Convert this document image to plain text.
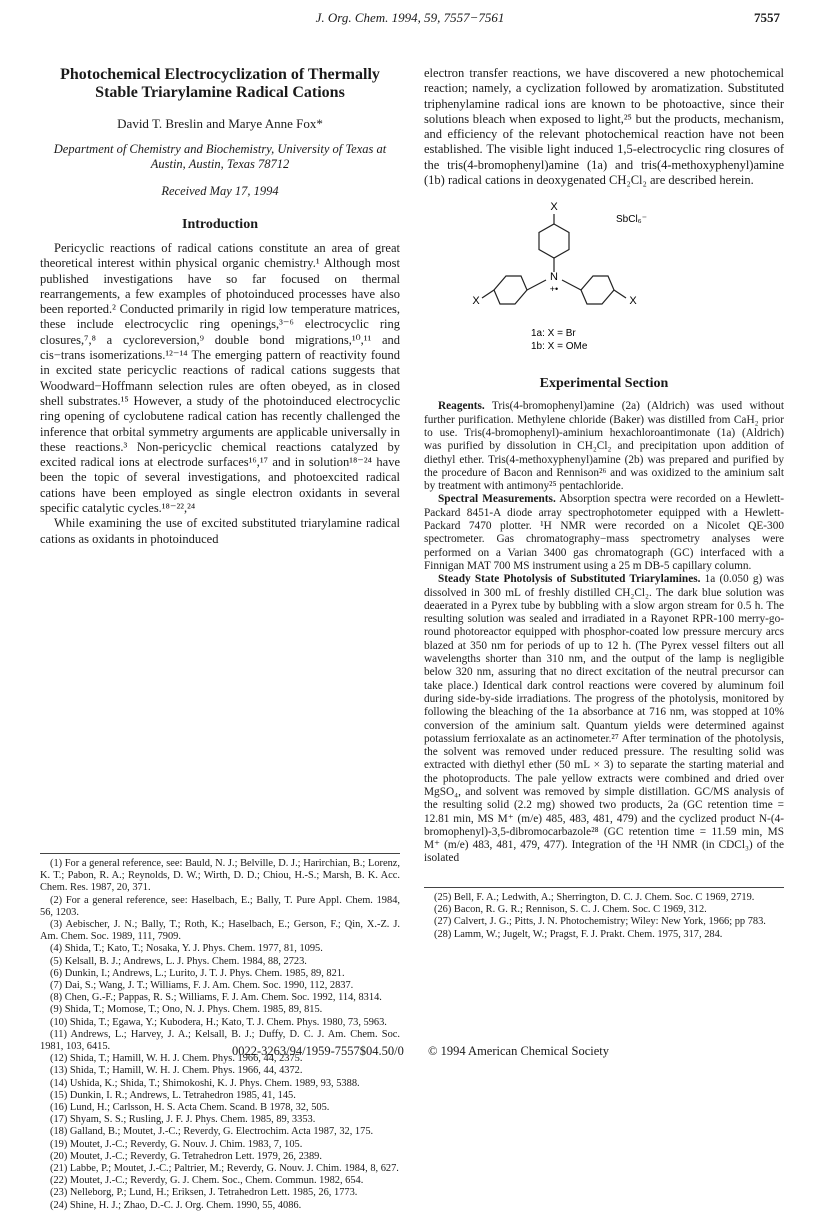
J. Org. Chem. 1994, 59, 7557−7561	7557
Photochemical Electrocyclization of Thermally Stable Triarylamine Radical Cations
David T. Breslin and Marye Anne Fox*
Department of Chemistry and Biochemistry, University of Texas at Austin, Austin, Texas 78712
Received May 17, 1994
Introduction

Pericyclic reactions of radical cations constitute an area of great theoretical interest within physical organic chemistry.¹ Although most published investigations have so far focused on thermal rearrangements, a few examples of photoinduced processes have also been reported.² Conducted primarily in rigid low temperature matrices, these include electrocyclic ring openings,³⁻⁶ electrocyclic ring closures,⁷,⁸ a cycloreversion,⁹ double bond migrations,¹⁰,¹¹ and cis−trans isomerizations.¹²⁻¹⁴ The emerging pattern of reactivity found in excited state pericyclic reactions of radical cations suggests that Woodward−Hoffmann selection rules are often obeyed, as in closed shell substrates.¹⁵ However, a study of the photoinduced electrocyclic ring opening of cyclobutene radical cation has recently challenged the inference that orbital symmetry arguments are applicable universally in these reactions.³ Non-pericyclic chemical reactions catalyzed by excited radical ions at electrode surfaces¹⁶,¹⁷ and in solution¹⁸⁻²⁴ have been the topic of several investigations, and photoexcited radical cations have been employed as single electron oxidants in several specific catalytic cycles.¹⁸⁻²²,²⁴

While examining the use of excited substituted triarylamine radical cations as oxidants in photoinduced

(1) For a general reference, see: Bauld, N. J.; Belville, D. J.; Harirchian, B.; Lorenz, K. T.; Pabon, R. A.; Reynolds, D. W.; Wirth, D. D.; Chiou, H.-S.; Marsh, B. K. Acc. Chem. Res. 1987, 20, 371.

(2) For a general reference, see: Haselbach, E.; Bally, T. Pure Appl. Chem. 1984, 56, 1203.

(3) Aebischer, J. N.; Bally, T.; Roth, K.; Haselbach, E.; Gerson, F.; Qin, X.-Z. J. Am. Chem. Soc. 1989, 111, 7909.

(4) Shida, T.; Kato, T.; Nosaka, Y. J. Phys. Chem. 1977, 81, 1095.

(5) Kelsall, B. J.; Andrews, L. J. Phys. Chem. 1984, 88, 2723.

(6) Dunkin, I.; Andrews, L.; Lurito, J. T. J. Phys. Chem. 1985, 89, 821.

(7) Dai, S.; Wang, J. T.; Williams, F. J. Am. Chem. Soc. 1990, 112, 2837.

(8) Chen, G.-F.; Pappas, R. S.; Williams, F. J. Am. Chem. Soc. 1992, 114, 8314.

(9) Shida, T.; Momose, T.; Ono, N. J. Phys. Chem. 1985, 89, 815.

(10) Shida, T.; Egawa, Y.; Kubodera, H.; Kato, T. J. Chem. Phys. 1980, 73, 5963.

(11) Andrews, L.; Harvey, J. A.; Kelsall, B. J.; Duffy, D. C. J. Am. Chem. Soc. 1981, 103, 6415.

(12) Shida, T.; Hamill, W. H. J. Chem. Phys. 1966, 44, 2375.

(13) Shida, T.; Hamill, W. H. J. Chem. Phys. 1966, 44, 4372.

(14) Ushida, K.; Shida, T.; Shimokoshi, K. J. Phys. Chem. 1989, 93, 5388.

(15) Dunkin, I. R.; Andrews, L. Tetrahedron 1985, 41, 145.

(16) Lund, H.; Carlsson, H. S. Acta Chem. Scand. B 1978, 32, 505.

(17) Shyam, S. S.; Rusling, J. F. J. Phys. Chem. 1985, 89, 3353.

(18) Galland, B.; Moutet, J.-C.; Reverdy, G. Electrochim. Acta 1987, 32, 175.

(19) Moutet, J.-C.; Reverdy, G. Nouv. J. Chim. 1983, 7, 105.

(20) Moutet, J.-C.; Reverdy, G. Tetrahedron Lett. 1979, 26, 2389.

(21) Labbe, P.; Moutet, J.-C.; Paltrier, M.; Reverdy, G. Nouv. J. Chim. 1984, 8, 627.

(22) Moutet, J.-C.; Reverdy, G. J. Chem. Soc., Chem. Commun. 1982, 654.

(23) Nelleborg, P.; Lund, H.; Eriksen, J. Tetrahedron Lett. 1985, 26, 1773.

(24) Shine, H. J.; Zhao, D.-C. J. Org. Chem. 1990, 55, 4086.

electron transfer reactions, we have discovered a new photochemical reaction; namely, a cyclization followed by aromatization. Substituted triphenylamine radical ions are known to be photoactive, since their solutions bleach when exposed to light,²⁵ but the products, mechanism, and efficiency of the relevant photochemical reaction have not been established. The visible light induced 1,5-electrocyclic ring closures of the tris(4-bromophenyl)amine (1a) and tris(4-methoxyphenyl)amine (1b) radical cations in deoxygenated CH₂Cl₂ are described herein.

X
N
+•
X	X
SbCl₆⁻
1a: X = Br
1b: X = OMe
Experimental Section

Reagents. Tris(4-bromophenyl)amine (2a) (Aldrich) was used without further purification. Methylene chloride (Baker) was distilled from CaH₂ prior to use. Tris(4-bromophenyl)-aminium hexachloroantimonate (1a) (Aldrich) was purified by dissolution in CH₂Cl₂ and precipitation upon addition of diethyl ether. Tris(4-methoxyphenyl)amine (2b) was prepared and purified by the procedure of Bacon and Rennison²⁶ and was oxidized to the aminium salt by treatment with antimony²⁵ pentachloride.

Spectral Measurements. Absorption spectra were recorded on a Hewlett-Packard 8451-A diode array spectrophotometer equipped with a Hewlett-Packard 7470 plotter. ¹H NMR were recorded on a Nicolet QE-300 spectrometer. Gas chromatography−mass spectrometry analyses were performed on a Varian 3400 gas chromatograph (GC) interfaced with a Finnigan MAT 700 MS instrument using a 25 m DB-5 capillary column.

Steady State Photolysis of Substituted Triarylamines. 1a (0.050 g) was dissolved in 300 mL of freshly distilled CH₂Cl₂. The dark blue solution was deaerated in a Pyrex tube by bubbling with a slow argon stream for 0.5 h. The resulting solution was sealed and irradiated in a Rayonet RPR-100 merry-go-round photoreactor equipped with phosphor-coated low pressure mercury arcs blazed at 350 nm for periods of up to 12 h. (The Pyrex vessel filters out all wavelengths shorter than 310 nm, and the output of the lamp is negligible below 320 nm, assuring that no direct excitation of the neutral precursor can take place.) Identical dark control reactions were covered by aluminum foil during side-by-side irradiations. The progress of the photolysis, monitored by following the bleaching of the 1a absorbance at 716 nm, was stopped at 10% conversion of the aminium salt. Quantum yields were determined against potassium ferrioxalate as an actinometer.²⁷ After termination of the photolysis, the solvent was removed under reduced pressure. The resulting solid was extracted with diethyl ether (50 mL × 3) to separate the starting material and the photoproducts. The pale yellow extracts were combined and dried over MgSO₄, and solvent was removed by simple distillation. GC/MS analysis of the resulting solid (2.2 mg) showed two products, 2a (GC retention time = 12.81 min, MS M⁺ (m/e) 485, 483, 481, 479) and the cyclized product N-(4-bromophenyl)-3,5-dibromocarbazole²⁸ (GC retention time = 11.59 min, MS M⁺ (m/e) 483, 481, 479, 477). Integration of the ¹H NMR (in CDCl₃) of the isolated

(25) Bell, F. A.; Ledwith, A.; Sherrington, D. C. J. Chem. Soc. C 1969, 2719.

(26) Bacon, R. G. R.; Rennison, S. C. J. Chem. Soc. C 1969, 312.

(27) Calvert, J. G.; Pitts, J. N. Photochemistry; Wiley: New York, 1966; pp 783.

(28) Lamm, W.; Jugelt, W.; Pragst, F. J. Prakt. Chem. 1975, 317, 284.

0022-3263/94/1959-7557$04.50/0 © 1994 American Chemical Society
